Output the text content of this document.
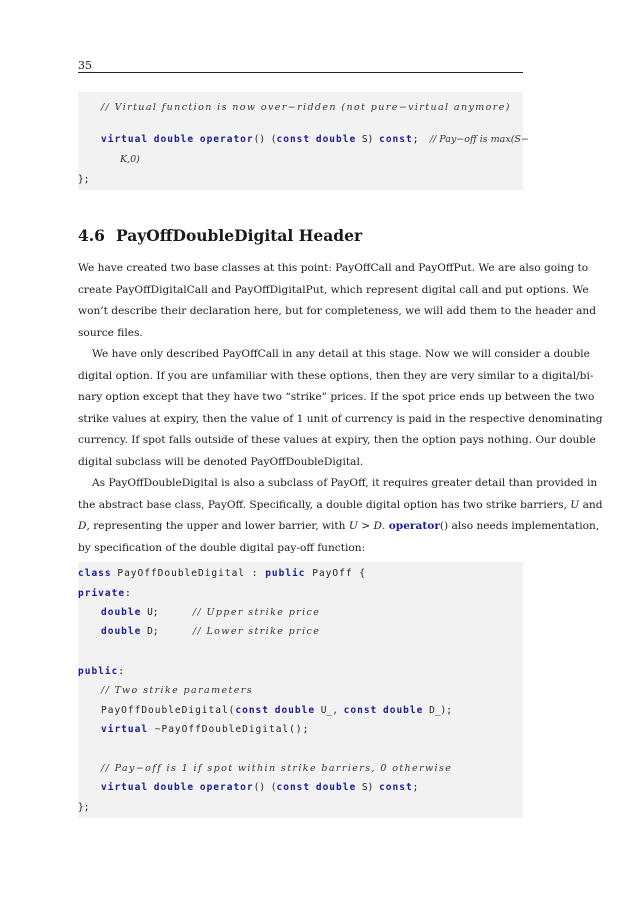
35
// Virtual function is now over−ridden (not pure−virtual anymore)
virtual double operator() (const double S) const; // Pay−off is max(S−
K,0)
};
4.6 PayOffDoubleDigital Header
We have created two base classes at this point: PayOffCall and PayOffPut. We are also going to
create PayOffDigitalCall and PayOffDigitalPut, which represent digital call and put options. We
won’t describe their declaration here, but for completeness, we will add them to the header and
source files.
We have only described PayOffCall in any detail at this stage. Now we will consider a double
digital option. If you are unfamiliar with these options, then they are very similar to a digital/bi-
nary option except that they have two “strike” prices. If the spot price ends up between the two
strike values at expiry, then the value of 1 unit of currency is paid in the respective denominating
currency. If spot falls outside of these values at expiry, then the option pays nothing. Our double
digital subclass will be denoted PayOffDoubleDigital.
As PayOffDoubleDigital is also a subclass of PayOff, it requires greater detail than provided in
the abstract base class, PayOff. Specifically, a double digital option has two strike barriers, U and
D, representing the upper and lower barrier, with U > D. operator() also needs implementation,
by specification of the double digital pay-off function:
class PayOffDoubleDigital : public PayOff {
private:
double U;	// Upper strike price
double D;	// Lower strike price
public:
// Two strike parameters
PayOffDoubleDigital(const double U_, const double D_);
virtual ~PayOffDoubleDigital();
// Pay−off is 1 if spot within strike barriers, 0 otherwise
virtual double operator() (const double S) const;
};
